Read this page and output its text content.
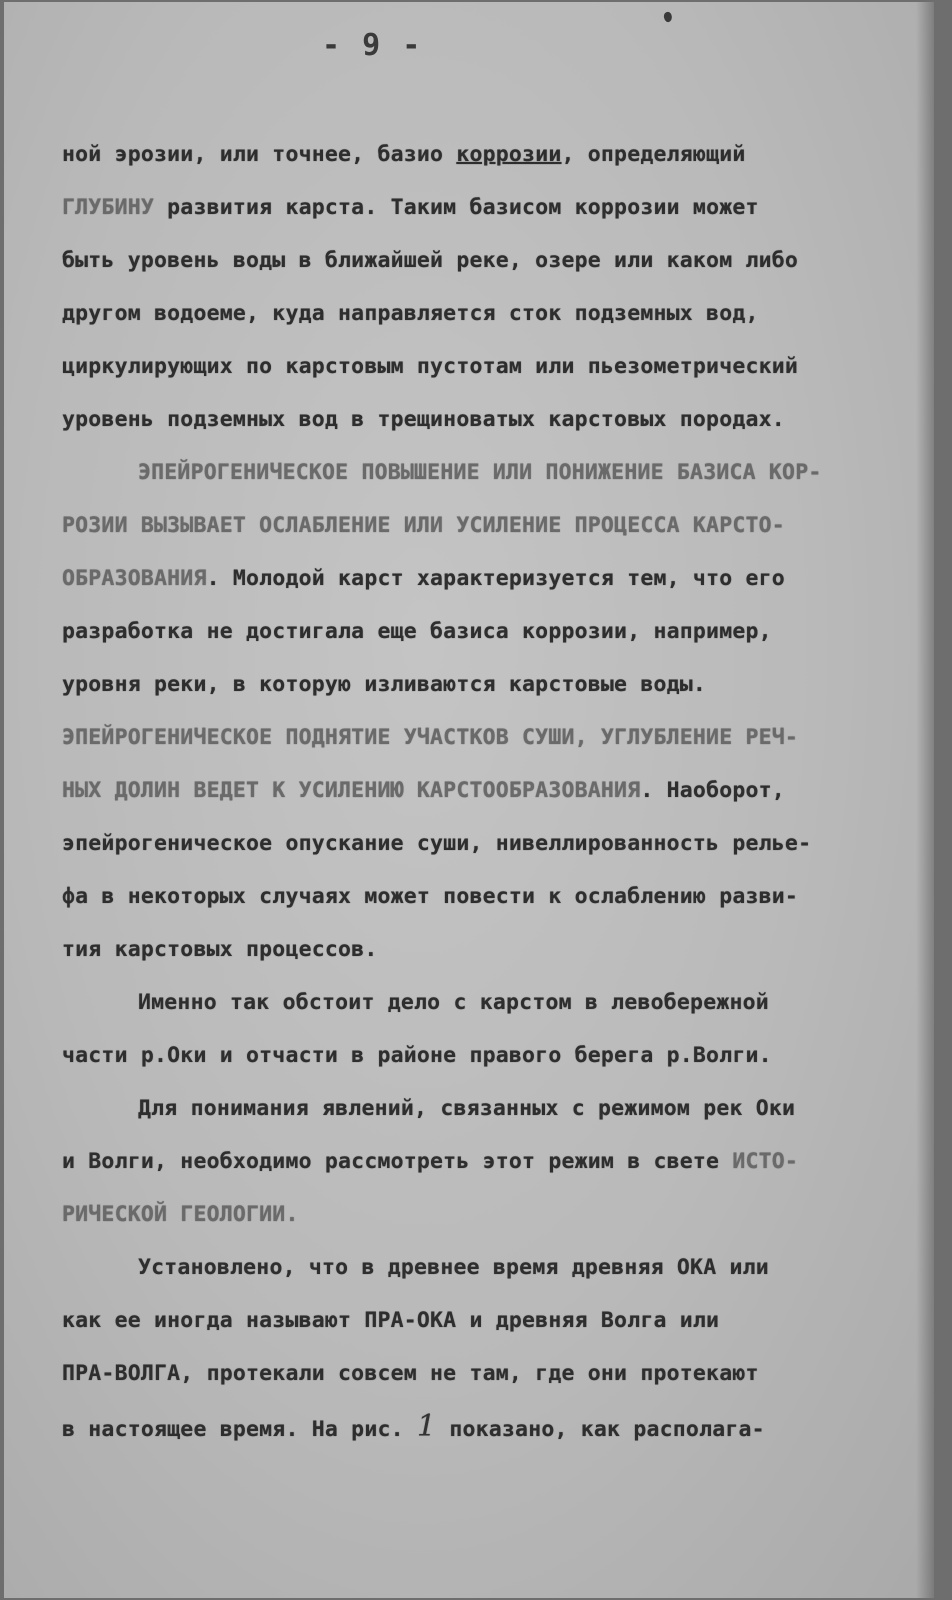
- 9 -
ной эрозии, или точнее, базио коррозии, определяющий
ГЛУБИНУ развития карста. Таким базисом коррозии может
быть уровень воды в ближайшей реке, озере или каком либо
другом водоеме, куда направляется сток подземных вод,
циркулирующих по карстовым пустотам или пьезометрический
уровень подземных вод в трещиноватых карстовых породах.
ЭПЕЙРОГЕНИЧЕСКОЕ ПОВЫШЕНИЕ ИЛИ ПОНИЖЕНИЕ БАЗИСА КОР-
РОЗИИ ВЫЗЫВАЕТ ОСЛАБЛЕНИЕ ИЛИ УСИЛЕНИЕ ПРОЦЕССА КАРСТО-
ОБРАЗОВАНИЯ. Молодой карст характеризуется тем, что его
разработка не достигала еще базиса коррозии, например,
уровня реки, в которую изливаются карстовые воды.
ЭПЕЙРОГЕНИЧЕСКОЕ ПОДНЯТИЕ УЧАСТКОВ СУШИ, УГЛУБЛЕНИЕ РЕЧ-
НЫХ ДОЛИН ВЕДЕТ К УСИЛЕНИЮ КАРСТООБРАЗОВАНИЯ. Наоборот,
эпейрогеническое опускание суши, нивеллированность релье-
фа в некоторых случаях может повести к ослаблению разви-
тия карстовых процессов.
Именно так обстоит дело с карстом в левобережной
части р.Оки и отчасти в районе правого берега р.Волги.
Для понимания явлений, связанных с режимом рек Оки
и Волги, необходимо рассмотреть этот режим в свете ИСТО-
РИЧЕСКОЙ ГЕОЛОГИИ.
Установлено, что в древнее время древняя ОКА или
как ее иногда называют ПРА-ОКА и древняя Волга или
ПРА-ВОЛГА, протекали совсем не там, где они протекают
в настоящее время. На рис. 1 показано, как располага-
